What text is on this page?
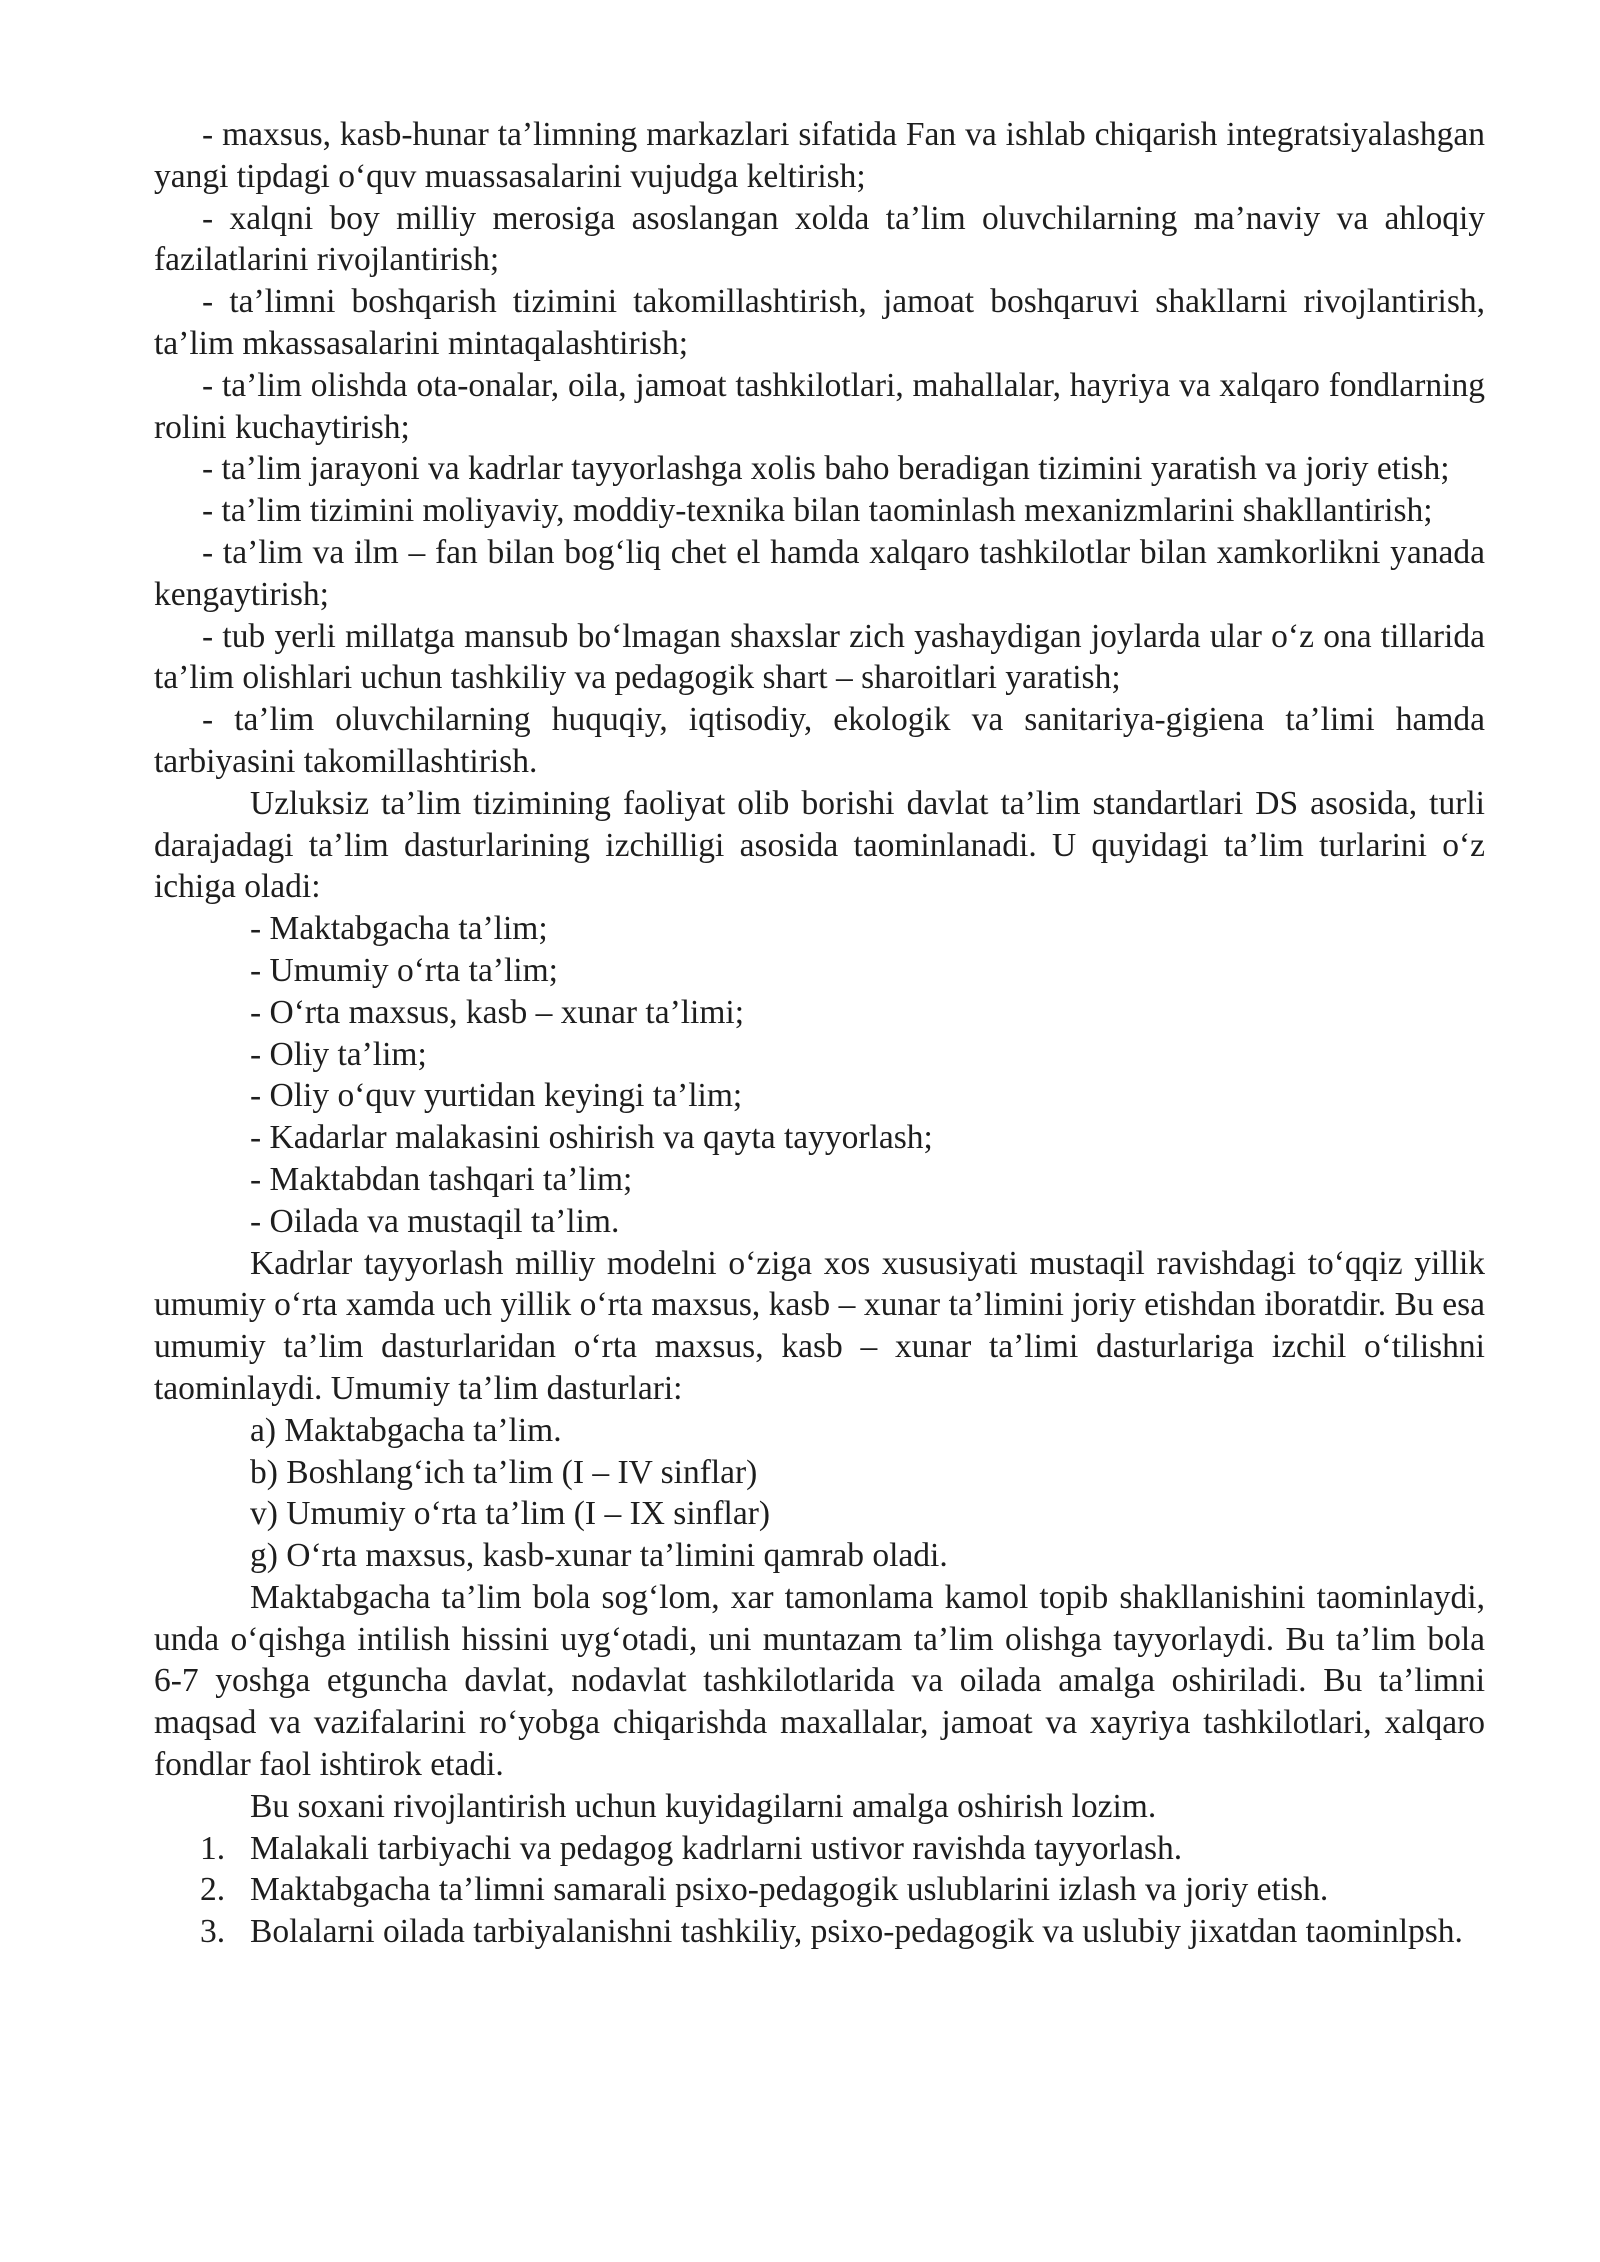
- maxsus, kasb-hunar ta’limning markazlari sifatida Fan va ishlab chiqarish integratsiyalashgan yangi tipdagi o‘quv muassasalarini vujudga keltirish;

- xalqni boy milliy merosiga asoslangan xolda ta’lim oluvchilarning ma’naviy va ahloqiy fazilatlarini rivojlantirish;

- ta’limni boshqarish tizimini takomillashtirish, jamoat boshqaruvi shakllarni rivojlantirish, ta’lim mkassasalarini mintaqalashtirish;

- ta’lim olishda ota-onalar, oila, jamoat tashkilotlari, mahallalar, hayriya va xalqaro fondlarning rolini kuchaytirish;

- ta’lim jarayoni va kadrlar tayyorlashga xolis baho beradigan tizimini yaratish va joriy etish;

- ta’lim tizimini moliyaviy, moddiy-texnika bilan taominlash mexanizmlarini shakllantirish;

- ta’lim va ilm – fan bilan bog‘liq chet el hamda xalqaro tashkilotlar bilan xamkorlikni yanada kengaytirish;

- tub yerli millatga mansub bo‘lmagan shaxslar zich yashaydigan joylarda ular o‘z ona tillarida ta’lim olishlari uchun tashkiliy va pedagogik shart – sharoitlari yaratish;

- ta’lim oluvchilarning huquqiy, iqtisodiy, ekologik va sanitariya-gigiena ta’limi hamda tarbiyasini takomillashtirish.

Uzluksiz ta’lim tizimining faoliyat olib borishi davlat ta’lim standartlari DS asosida, turli darajadagi ta’lim dasturlarining izchilligi asosida taominlanadi. U quyidagi ta’lim turlarini o‘z ichiga oladi:

- Maktabgacha ta’lim;

- Umumiy o‘rta ta’lim;

- O‘rta maxsus, kasb – xunar ta’limi;

- Oliy ta’lim;

- Oliy o‘quv yurtidan keyingi ta’lim;

- Kadarlar malakasini oshirish va qayta tayyorlash;

- Maktabdan tashqari ta’lim;

- Oilada va mustaqil ta’lim.

Kadrlar tayyorlash milliy modelni o‘ziga xos xususiyati mustaqil ravishdagi to‘qqiz yillik umumiy o‘rta xamda uch yillik o‘rta maxsus, kasb – xunar ta’limini joriy etishdan iboratdir. Bu esa umumiy ta’lim dasturlaridan o‘rta maxsus, kasb – xunar ta’limi dasturlariga izchil o‘tilishni taominlaydi. Umumiy ta’lim dasturlari:

a) Maktabgacha ta’lim.

b) Boshlang‘ich ta’lim (I – IV sinflar)

v) Umumiy o‘rta ta’lim (I – IX sinflar)

g) O‘rta maxsus, kasb-xunar ta’limini qamrab oladi.

Maktabgacha ta’lim bola sog‘lom, xar tamonlama kamol topib shakllanishini taominlaydi, unda o‘qishga intilish hissini uyg‘otadi, uni muntazam ta’lim olishga tayyorlaydi. Bu ta’lim bola 6-7 yoshga etguncha davlat, nodavlat tashkilotlarida va oilada amalga oshiriladi. Bu ta’limni maqsad va vazifalarini ro‘yobga chiqarishda maxallalar, jamoat va xayriya tashkilotlari, xalqaro fondlar faol ishtirok etadi.

Bu soxani rivojlantirish uchun kuyidagilarni amalga oshirish lozim.

1. Malakali tarbiyachi va pedagog kadrlarni ustivor ravishda tayyorlash.
2. Maktabgacha ta’limni samarali psixo-pedagogik uslublarini izlash va joriy etish.
3. Bolalarni oilada tarbiyalanishni tashkiliy, psixo-pedagogik va uslubiy jixatdan taominlpsh.
